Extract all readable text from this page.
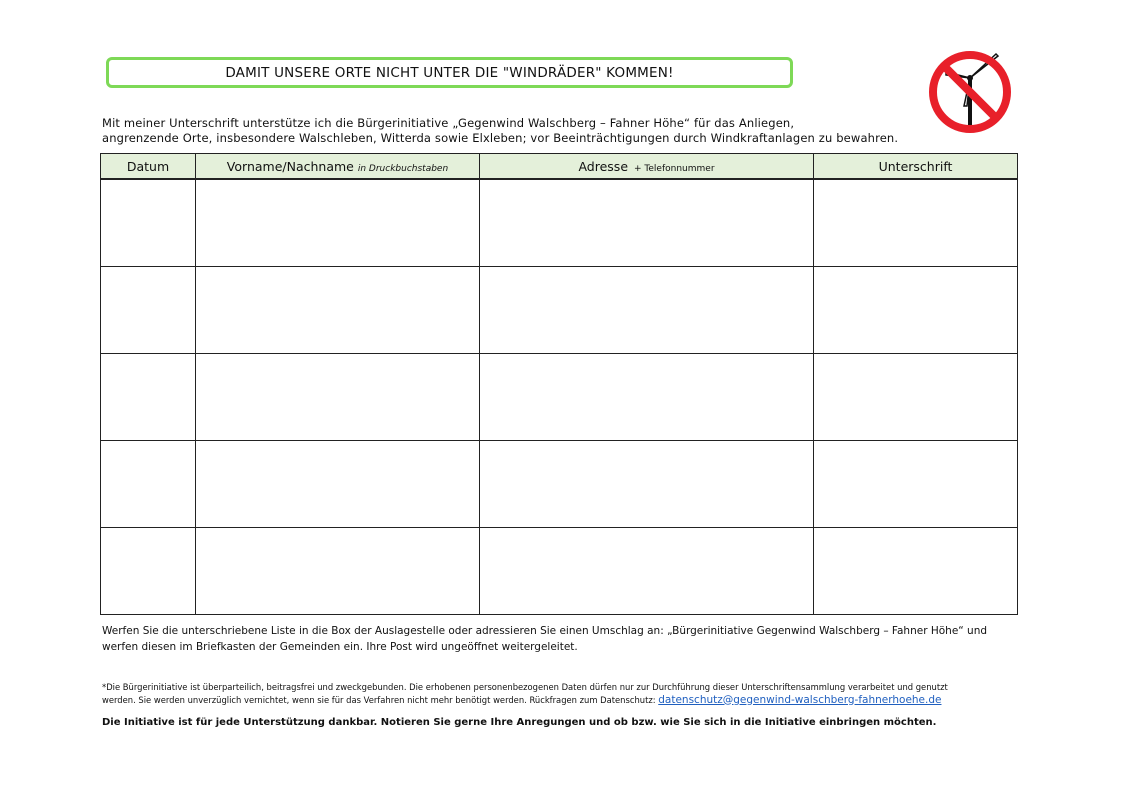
DAMIT UNSERE ORTE NICHT UNTER DIE "WINDRÄDER" KOMMEN!

Mit meiner Unterschrift unterstütze ich die Bürgerinitiative „Gegenwind Walschberg – Fahner Höhe“ für das Anliegen,

angrenzende Orte, insbesondere Walschleben, Witterda sowie Elxleben; vor Beeinträchtigungen durch Windkraftanlagen zu bewahren.

Datum	Vorname/Nachname in Druckbuchstaben	Adresse + Telefonnummer	Unterschrift

Werfen Sie die unterschriebene Liste in die Box der Auslagestelle oder adressieren Sie einen Umschlag an: „Bürgerinitiative Gegenwind Walschberg – Fahner Höhe“ und

werfen diesen im Briefkasten der Gemeinden ein. Ihre Post wird ungeöffnet weitergeleitet.

*Die Bürgerinitiative ist überparteilich, beitragsfrei und zweckgebunden. Die erhobenen personenbezogenen Daten dürfen nur zur Durchführung dieser Unterschriftensammlung verarbeitet und genutzt

werden. Sie werden unverzüglich vernichtet, wenn sie für das Verfahren nicht mehr benötigt werden. Rückfragen zum Datenschutz: datenschutz@gegenwind-walschberg-fahnerhoehe.de

Die Initiative ist für jede Unterstützung dankbar. Notieren Sie gerne Ihre Anregungen und ob bzw. wie Sie sich in die Initiative einbringen möchten.
